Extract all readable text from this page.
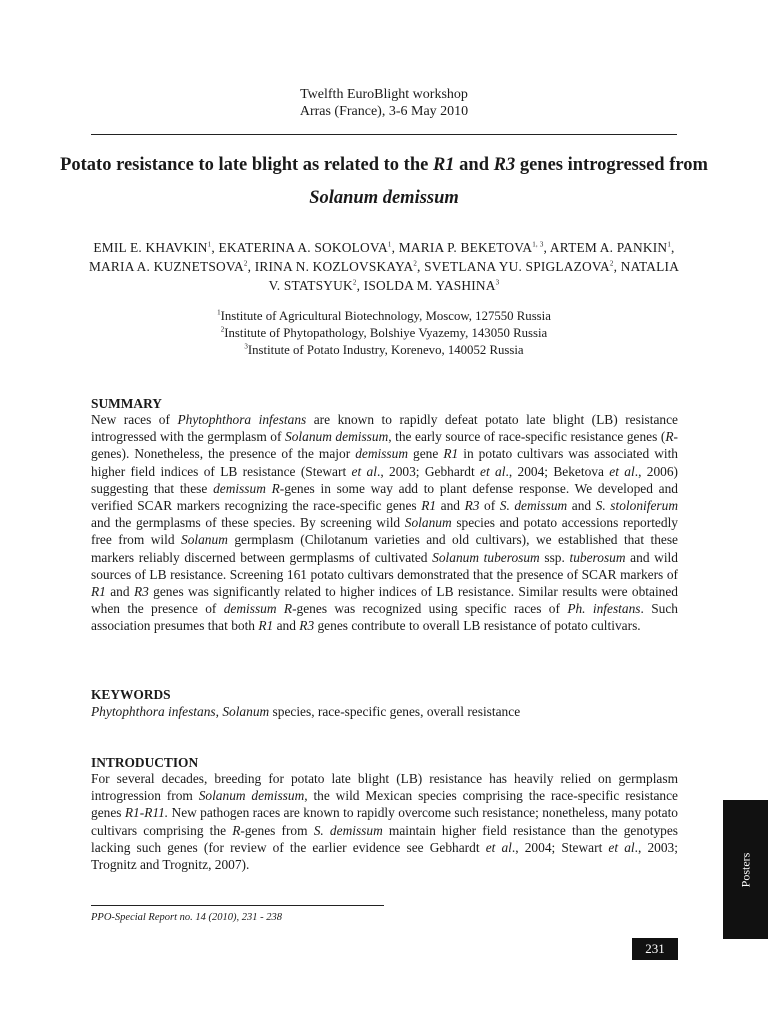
Twelfth EuroBlight workshop
Arras (France), 3-6 May 2010
Potato resistance to late blight as related to the R1 and R3 genes introgressed from Solanum demissum
EMIL E. KHAVKIN$^1$, EKATERINA A. SOKOLOVA$^1$, MARIA P. BEKETOVA$^{1, 3}$, ARTEM A. PANKIN$^1$, MARIA A. KUZNETSOVA$^2$, IRINA N. KOZLOVSKAYA$^2$, SVETLANA YU. SPIGLAZOVA$^2$, NATALIA V. STATSYUK$^2$, ISOLDA M. YASHINA$^3$
$^1$Institute of Agricultural Biotechnology, Moscow, 127550 Russia
$^2$Institute of Phytopathology, Bolshiye Vyazemy, 143050 Russia
$^3$Institute of Potato Industry, Korenevo, 140052 Russia
SUMMARY
New races of Phytophthora infestans are known to rapidly defeat potato late blight (LB) resistance introgressed with the germplasm of Solanum demissum, the early source of race-specific resistance genes (R-genes). Nonetheless, the presence of the major demissum gene R1 in potato cultivars was associated with higher field indices of LB resistance (Stewart et al., 2003; Gebhardt et al., 2004; Beketova et al., 2006) suggesting that these demissum R-genes in some way add to plant defense response. We developed and verified SCAR markers recognizing the race-specific genes R1 and R3 of S. demissum and S. stoloniferum and the germplasms of these species. By screening wild Solanum species and potato accessions reportedly free from wild Solanum germplasm (Chilotanum varieties and old cultivars), we established that these markers reliably discerned between germplasms of cultivated Solanum tuberosum ssp. tuberosum and wild sources of LB resistance. Screening 161 potato cultivars demonstrated that the presence of SCAR markers of R1 and R3 genes was significantly related to higher indices of LB resistance. Similar results were obtained when the presence of demissum R-genes was recognized using specific races of Ph. infestans. Such association presumes that both R1 and R3 genes contribute to overall LB resistance of potato cultivars.
KEYWORDS
Phytophthora infestans, Solanum species, race-specific genes, overall resistance
INTRODUCTION
For several decades, breeding for potato late blight (LB) resistance has heavily relied on germplasm introgression from Solanum demissum, the wild Mexican species comprising the race-specific resistance genes R1-R11. New pathogen races are known to rapidly overcome such resistance; nonetheless, many potato cultivars comprising the R-genes from S. demissum maintain higher field resistance than the genotypes lacking such genes (for review of the earlier evidence see Gebhardt et al., 2004; Stewart et al., 2003; Trognitz and Trognitz, 2007).
PPO-Special Report no. 14 (2010), 231 - 238
231
Posters
